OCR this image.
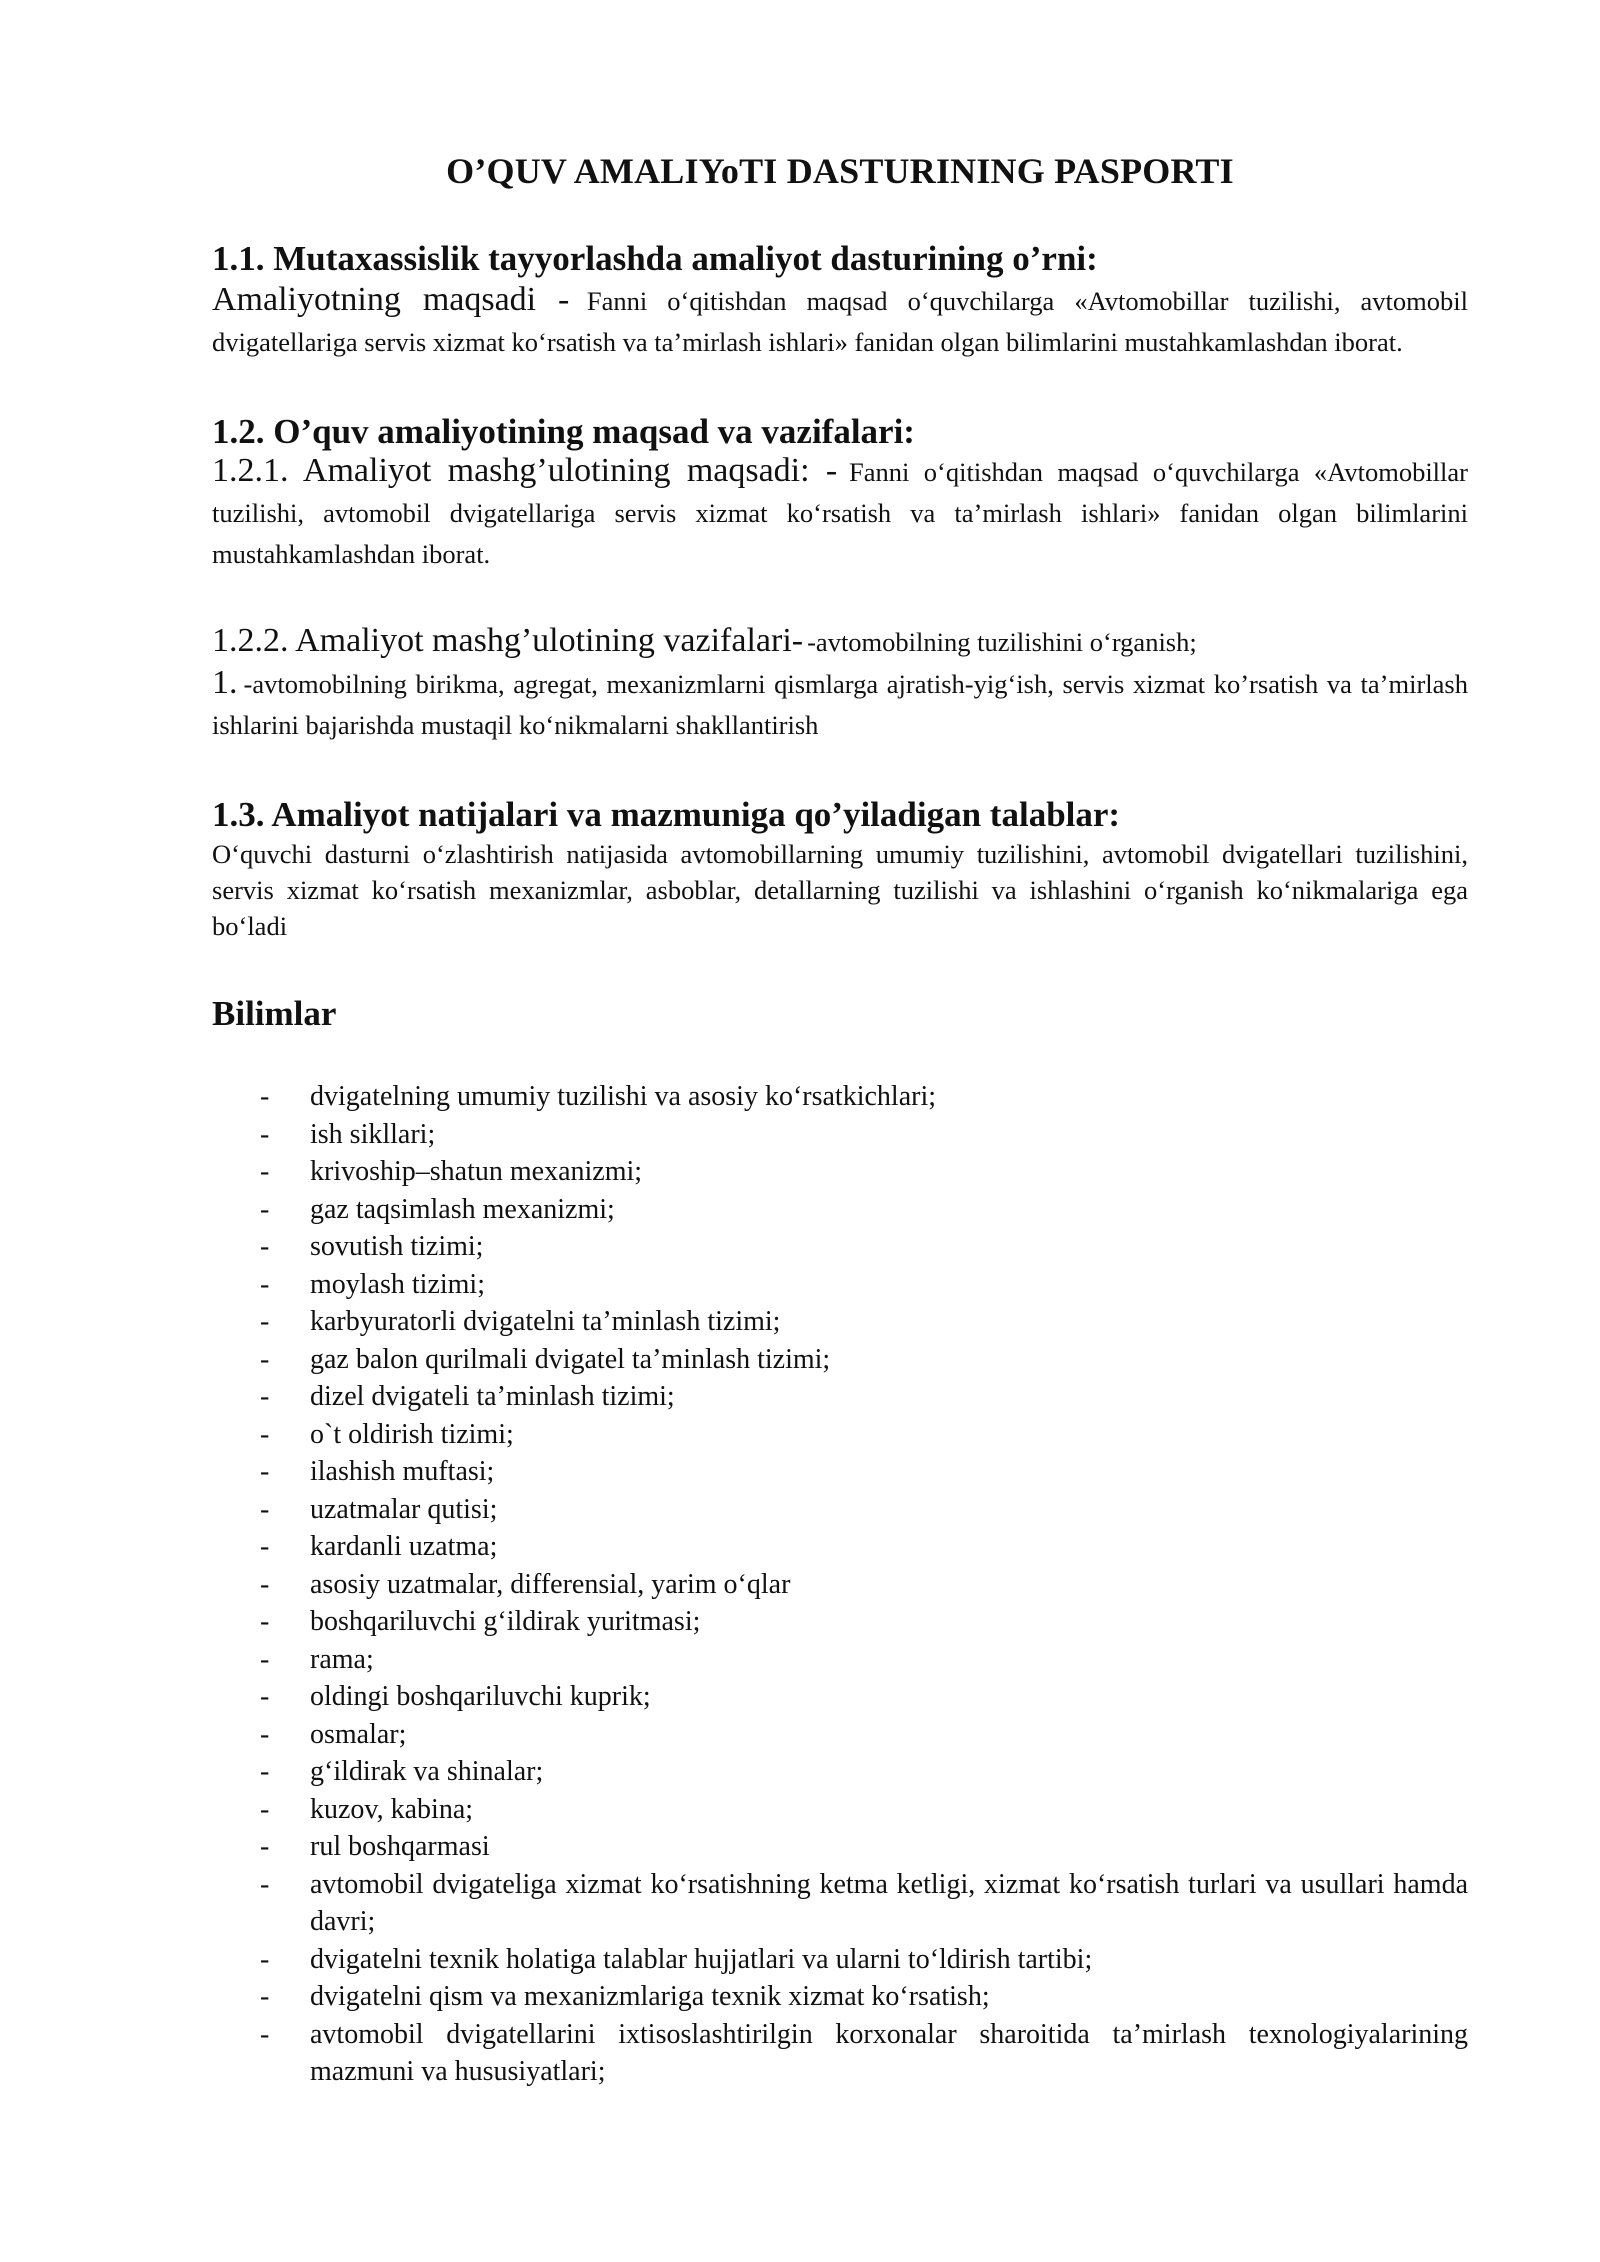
O’QUV AMALIYoTI DASTURINING PASPORTI

1.1. Mutaxassislik tayyorlashda amaliyot dasturining o’rni:

Amaliyotning maqsadi - Fanni o‘qitishdan maqsad o‘quvchilarga «Avtomobillar tuzilishi, avtomobil dvigatellariga servis xizmat ko‘rsatish va ta’mirlash ishlari» fanidan olgan bilimlarini mustahkamlashdan iborat.

1.2. O’quv amaliyotining maqsad va vazifalari:

1.2.1. Amaliyot mashg’ulotining maqsadi: - Fanni o‘qitishdan maqsad o‘quvchilarga «Avtomobillar tuzilishi, avtomobil dvigatellariga servis xizmat ko‘rsatish va ta’mirlash ishlari» fanidan olgan bilimlarini mustahkamlashdan iborat.

1.2.2. Amaliyot mashg’ulotining vazifalari- -avtomobilning tuzilishini o‘rganish;

1. -avtomobilning birikma, agregat, mexanizmlarni qismlarga ajratish-yig‘ish, servis xizmat ko’rsatish va ta’mirlash ishlarini bajarishda mustaqil ko‘nikmalarni shakllantirish

1.3. Amaliyot natijalari va mazmuniga qo’yiladigan talablar:

O‘quvchi dasturni o‘zlashtirish natijasida avtomobillarning umumiy tuzilishini, avtomobil dvigatellari tuzilishini, servis xizmat ko‘rsatish mexanizmlar, asboblar, detallarning tuzilishi va ishlashini o‘rganish ko‘nikmalariga ega bo‘ladi

Bilimlar

- dvigatelning umumiy tuzilishi va asosiy ko‘rsatkichlari;
- ish sikllari;
- krivoship–shatun mexanizmi;
- gaz taqsimlash mexanizmi;
- sovutish tizimi;
- moylash tizimi;
- karbyuratorli dvigatelni ta’minlash tizimi;
- gaz balon qurilmali dvigatel ta’minlash tizimi;
- dizel dvigateli ta’minlash tizimi;
- o`t oldirish tizimi;
- ilashish muftasi;
- uzatmalar qutisi;
- kardanli uzatma;
- asosiy uzatmalar, differensial, yarim o‘qlar
- boshqariluvchi g‘ildirak yuritmasi;
- rama;
- oldingi boshqariluvchi kuprik;
- osmalar;
- g‘ildirak va shinalar;
- kuzov, kabina;
- rul boshqarmasi
- avtomobil dvigateliga xizmat ko‘rsatishning ketma ketligi, xizmat ko‘rsatish turlari va usullari hamda davri;
- dvigatelni texnik holatiga talablar hujjatlari va ularni to‘ldirish tartibi;
- dvigatelni qism va mexanizmlariga texnik xizmat ko‘rsatish;
- avtomobil dvigatellarini ixtisoslashtirilgin korxonalar sharoitida ta’mirlash texnologiyalarining mazmuni va hususiyatlari;
